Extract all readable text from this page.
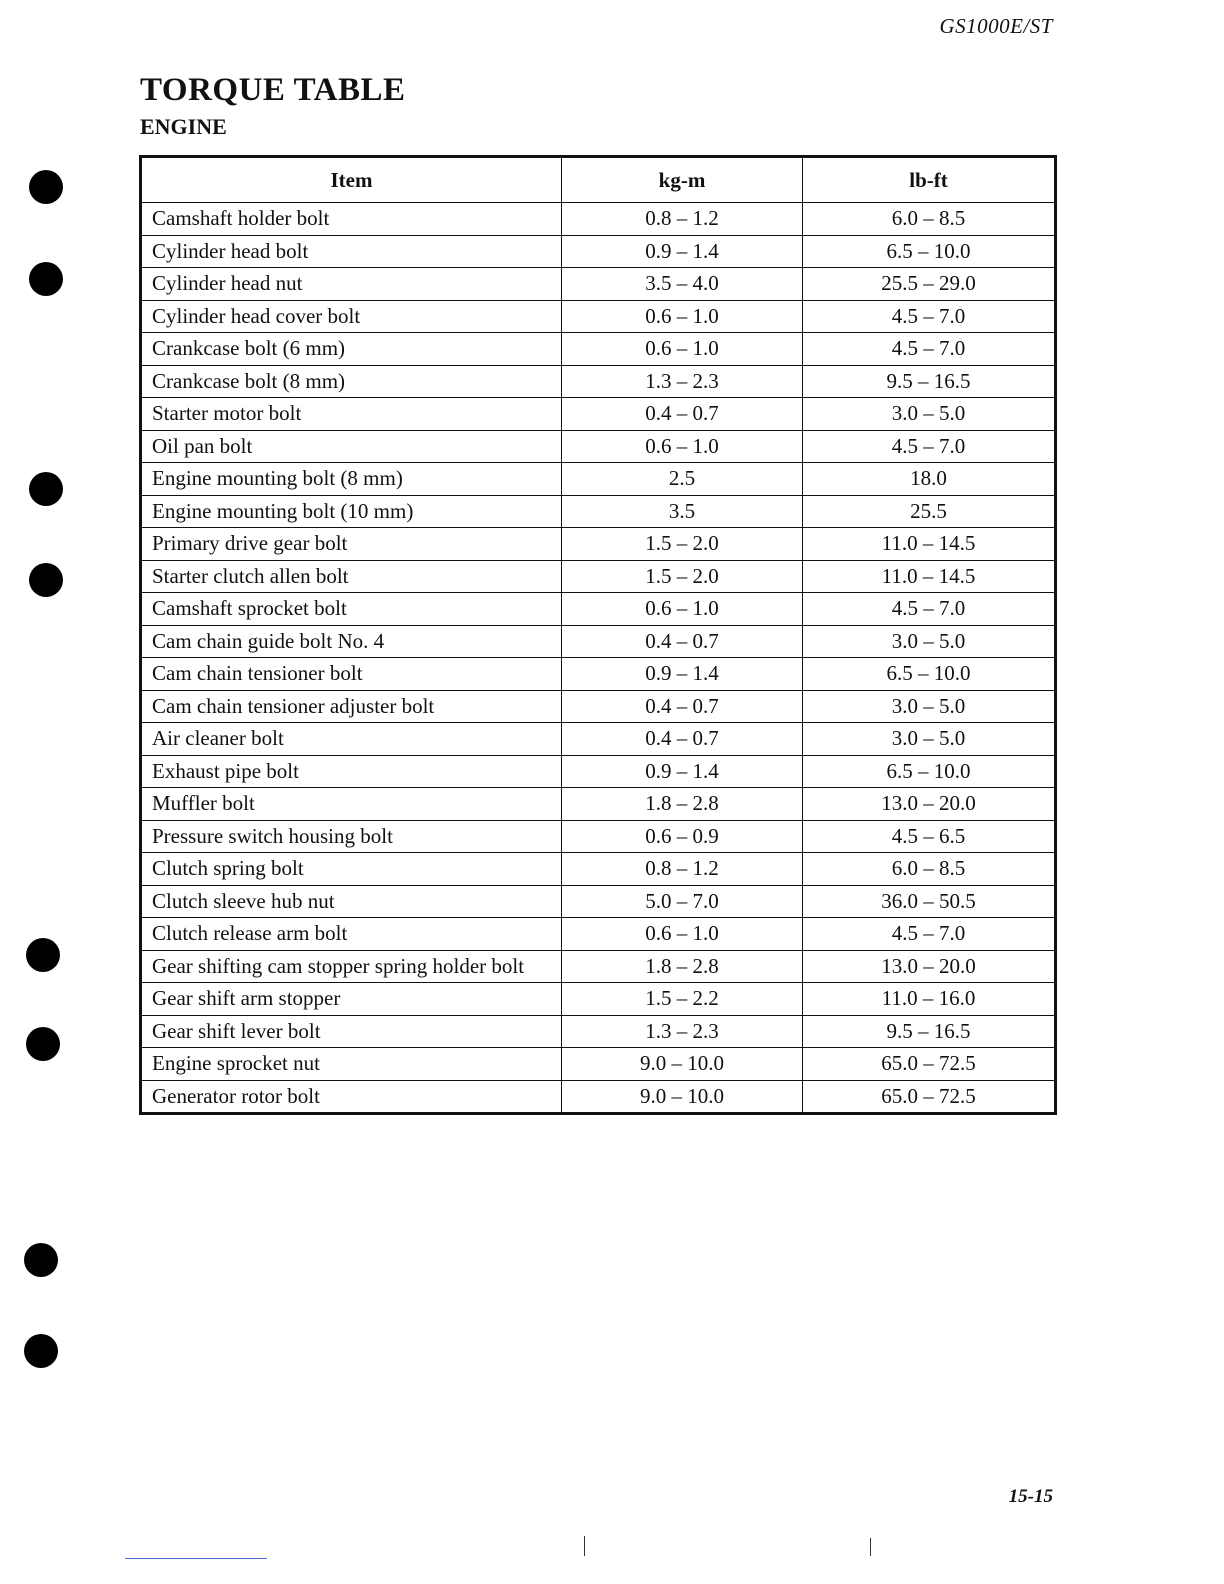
GS1000E/ST
TORQUE TABLE
ENGINE
Item	kg-m	lb-ft
Camshaft holder bolt	0.8 – 1.2	6.0 – 8.5
Cylinder head bolt	0.9 – 1.4	6.5 – 10.0
Cylinder head nut	3.5 – 4.0	25.5 – 29.0
Cylinder head cover bolt	0.6 – 1.0	4.5 – 7.0
Crankcase bolt (6 mm)	0.6 – 1.0	4.5 – 7.0
Crankcase bolt (8 mm)	1.3 – 2.3	9.5 – 16.5
Starter motor bolt	0.4 – 0.7	3.0 – 5.0
Oil pan bolt	0.6 – 1.0	4.5 – 7.0
Engine mounting bolt (8 mm)	2.5	18.0
Engine mounting bolt (10 mm)	3.5	25.5
Primary drive gear bolt	1.5 – 2.0	11.0 – 14.5
Starter clutch allen bolt	1.5 – 2.0	11.0 – 14.5
Camshaft sprocket bolt	0.6 – 1.0	4.5 – 7.0
Cam chain guide bolt No. 4	0.4 – 0.7	3.0 – 5.0
Cam chain tensioner bolt	0.9 – 1.4	6.5 – 10.0
Cam chain tensioner adjuster bolt	0.4 – 0.7	3.0 – 5.0
Air cleaner bolt	0.4 – 0.7	3.0 – 5.0
Exhaust pipe bolt	0.9 – 1.4	6.5 – 10.0
Muffler bolt	1.8 – 2.8	13.0 – 20.0
Pressure switch housing bolt	0.6 – 0.9	4.5 – 6.5
Clutch spring bolt	0.8 – 1.2	6.0 – 8.5
Clutch sleeve hub nut	5.0 – 7.0	36.0 – 50.5
Clutch release arm bolt	0.6 – 1.0	4.5 – 7.0
Gear shifting cam stopper spring holder bolt	1.8 – 2.8	13.0 – 20.0
Gear shift arm stopper	1.5 – 2.2	11.0 – 16.0
Gear shift lever bolt	1.3 – 2.3	9.5 – 16.5
Engine sprocket nut	9.0 – 10.0	65.0 – 72.5
Generator rotor bolt	9.0 – 10.0	65.0 – 72.5
15-15
